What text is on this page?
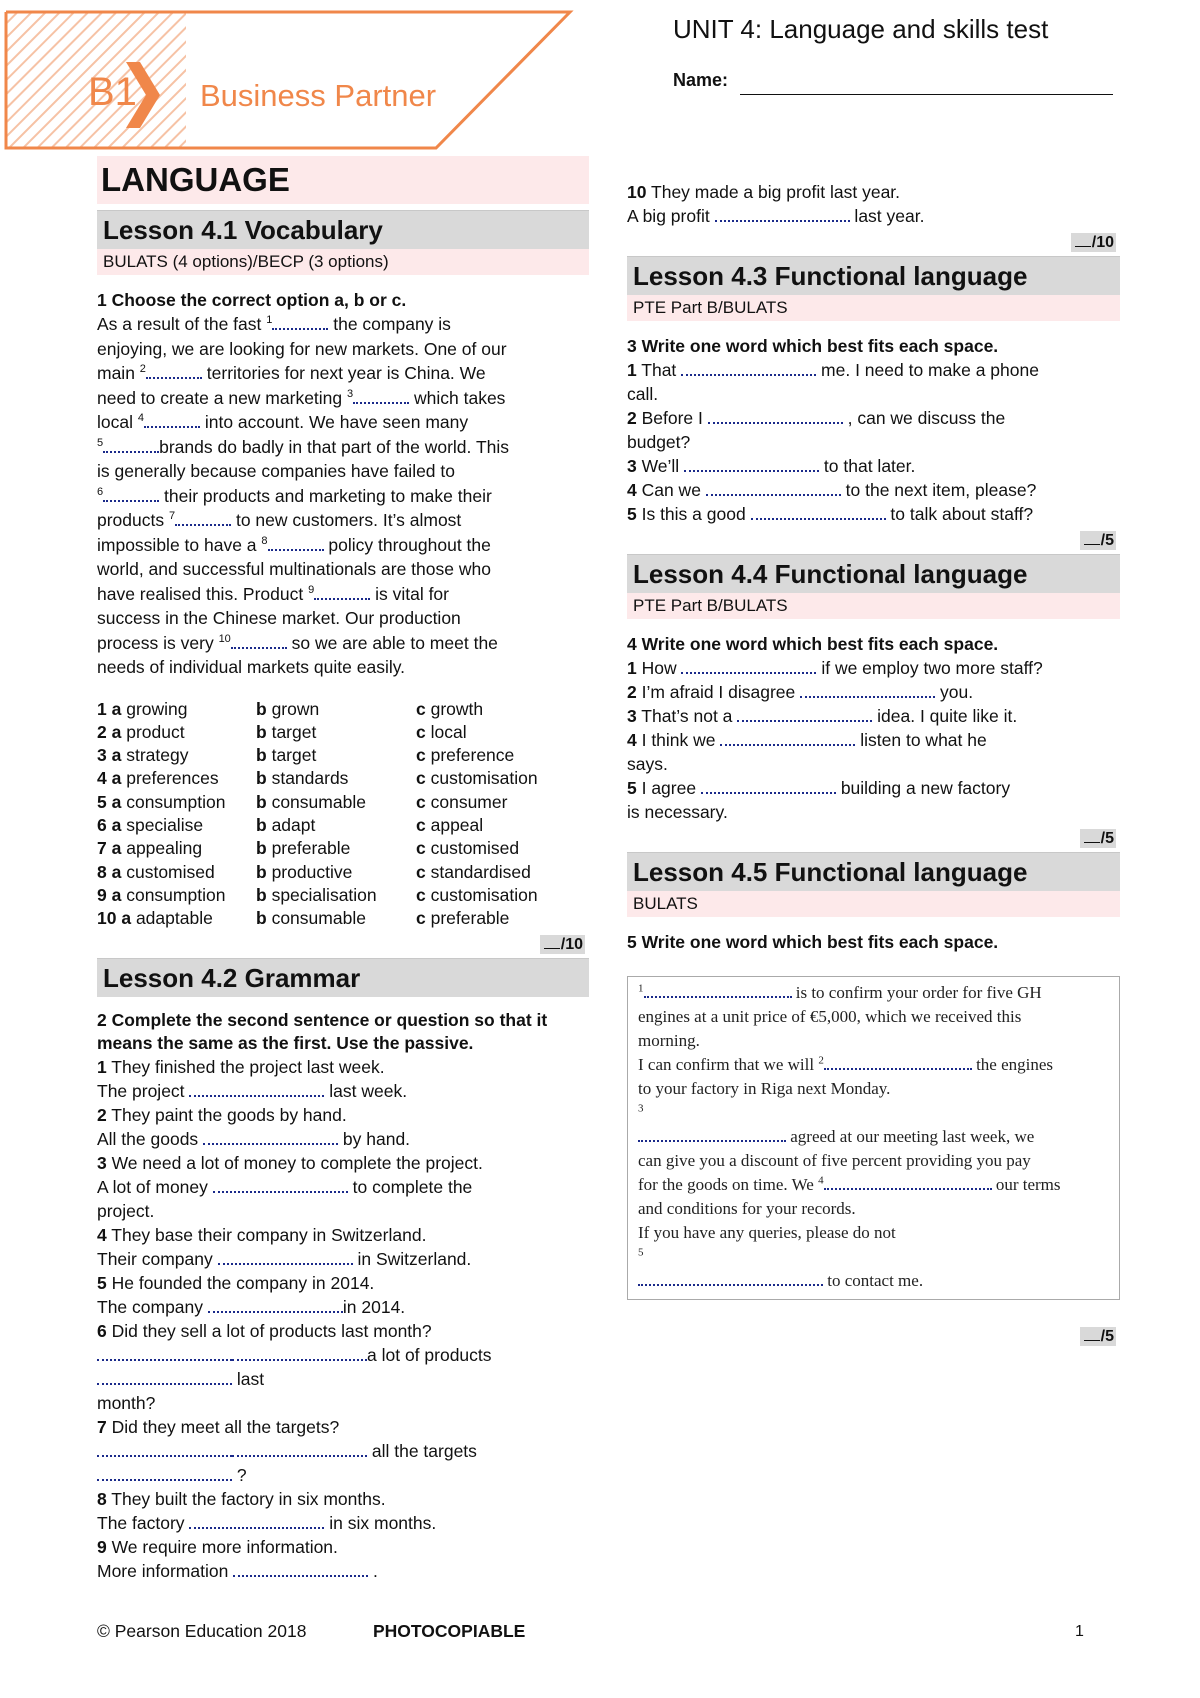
B1 Business Partner
UNIT 4: Language and skills test
Name:
LANGUAGE
Lesson 4.1 Vocabulary
BULATS (4 options)/BECP (3 options)
1 Choose the correct option a, b or c.
As a result of the fast $^1$	the company is
enjoying, we are looking for new markets. One of our
main $^2$	territories for next year is China. We
need to create a new marketing $^3$	which takes
local $^4$	into account. We have seen many
$^5$	brands do badly in that part of the world. This
is generally because companies have failed to
$^6$	their products and marketing to make their
products $^7$	to new customers. It’s almost
impossible to have a $^8$	policy throughout the
world, and successful multinationals are those who
have realised this. Product $^9$	is vital for
success in the Chinese market. Our production
process is very $^{10}$	so we are able to meet the
needs of individual markets quite easily.
1 a growing	b grown	c growth
2 a product	b target	c local
3 a strategy	b target	c preference
4 a preferences	b standards	c customisation
5 a consumption	b consumable	c consumer
6 a specialise	b adapt	c appeal
7 a appealing	b preferable	c customised
8 a customised	b productive	c standardised
9 a consumption	b specialisation	c customisation
10 a adaptable	b consumable	c preferable
/10
Lesson 4.2 Grammar
2 Complete the second sentence or question so that it means the same as the first. Use the passive.
1 They finished the project last week.
The project	last week.
2 They paint the goods by hand.
All the goods	by hand.
3 We need a lot of money to complete the project.
A lot of money	to complete the
project.
4 They base their company in Switzerland.
Their company	in Switzerland.
5 He founded the company in 2014.
The company	in 2014.
6 Did they sell a lot of products last month?
a lot of products  last
month?
7 Did they meet all the targets?
all the targets  ?
8 They built the factory in six months.
The factory	in six months.
9 We require more information.
More information	.
10 They made a big profit last year.
A big profit	last year.
/10
Lesson 4.3 Functional language
PTE Part B/BULATS
3 Write one word which best fits each space.
1 That	me. I need to make a phone
call.
2 Before I	, can we discuss the
budget?
3 We’ll	to that later.
4 Can we	to the next item, please?
5 Is this a good	to talk about staff?
/5
Lesson 4.4 Functional language
PTE Part B/BULATS
4 Write one word which best fits each space.
1 How	if we employ two more staff?
2 I’m afraid I disagree	you.
3 That’s not a	idea. I quite like it.
4 I think we	listen to what he
says.
5 I agree	building a new factory
is necessary.
/5
Lesson 4.5 Functional language
BULATS
5 Write one word which best fits each space.
$^1$	is to confirm your order for five GH
engines at a unit price of €5,000, which we received this
morning.
I can confirm that we will $^2$	the engines
to your factory in Riga next Monday.
$^3$
agreed at our meeting last week, we
can give you a discount of five percent providing you pay
for the goods on time. We $^4$	our terms
and conditions for your records.
If you have any queries, please do not
$^5$
to contact me.
/5
© Pearson Education 2018	PHOTOCOPIABLE	1
